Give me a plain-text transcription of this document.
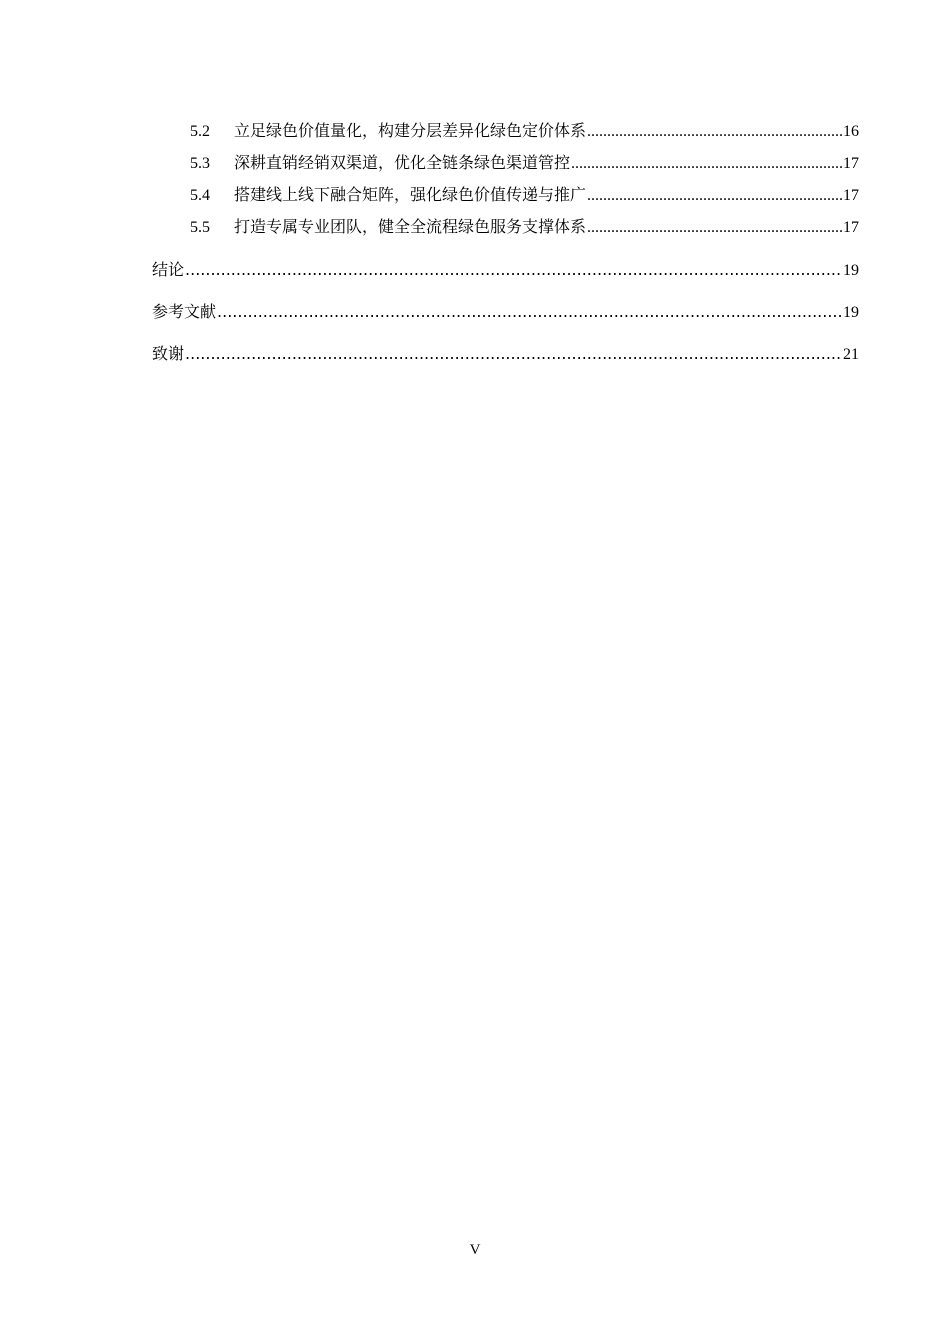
5.2	立足绿色价值量化，构建分层差异化绿色定价体系 .....	16
5.3	深耕直销经销双渠道，优化全链条绿色渠道管控 .....	17
5.4	搭建线上线下融合矩阵，强化绿色价值传递与推广 .....	17
5.5	打造专属专业团队，健全全流程绿色服务支撑体系 .....	17
结论 .....	19
参考文献 .....	19
致谢 .....	21
V
